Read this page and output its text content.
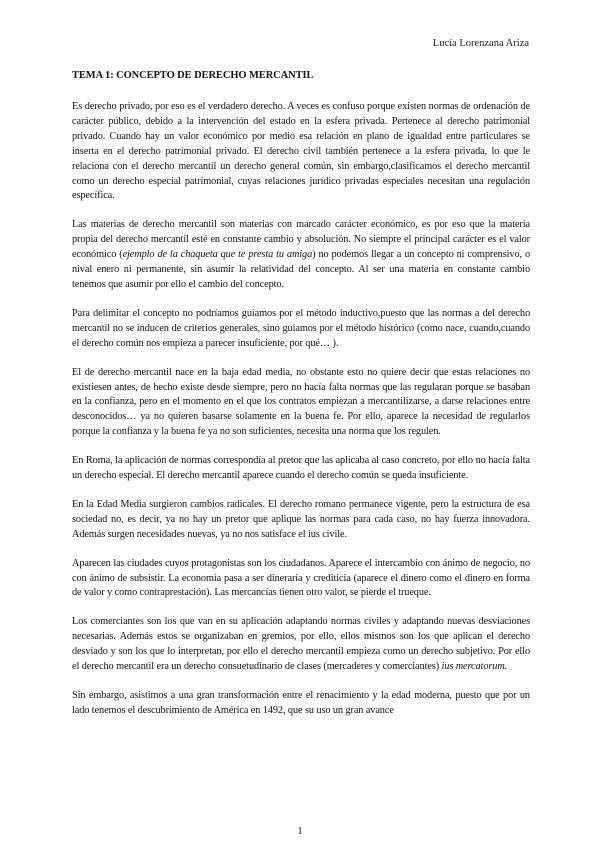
Lucía Lorenzana Ariza
TEMA 1: CONCEPTO DE DERECHO MERCANTIL

Es derecho privado, por eso es el verdadero derecho. A veces es confuso porque existen normas de ordenación de carácter público, debido a la intervención del estado en la esfera privada. Pertenece al derecho patrimonial privado. Cuando hay un valor económico por medio esa relación en plano de igualdad entre particulares se inserta en el derecho patrimonial privado. El derecho civil también pertenece a la esfera privada, lo que le relaciona con el derecho mercantil un derecho general común, sin embargo,clasificamos el derecho mercantil como un derecho especial patrimonial, cuyas relaciones jurídico privadas especiales necesitan una regulación específica.

Las materias de derecho mercantil son materias con marcado carácter económico, es por eso que la materia propia del derecho mercantil esté en constante cambio y absolución. No siempre el principal carácter es el valor económico (ejemplo de la chaqueta que te presta tu amiga) no podemos llegar a un concepto ni comprensivo, o nival enero ni permanente, sin asumir la relatividad del concepto. Al ser una materia en constante cambio tenemos que asumir por ello el cambio del concepto.

Para delimitar el concepto no podríamos guiamos por el método inductivo,puesto que las normas a del derecho mercantil no se inducen de criterios generales, sino guiamos por el método histórico (como nace, cuando,cuando el derecho común nos empieza a parecer insuficiente, por qué… ).

El de derecho mercantil nace en la baja edad media, no obstante esto no quiere decir que estas relaciones no existiesen antes, de hecho existe desde siempre, pero no hacía falta normas que las regularan porque se basaban en la confianza, pero en el momento en el que los contratos empiezan a mercantilizarse, a darse relaciones entre desconocidos… ya no quieren basarse solamente en la buena fe. Por ello, aparece la necesidad de regularlos porque la confianza y la buena fe ya no son suficientes, necesita una norma que los regulen.

En Roma, la aplicación de normas correspondía al pretor que las aplicaba al caso concreto, por ello no hacía falta un derecho especial. El derecho mercantil aparece cuando el derecho común se queda insuficiente.

En la Edad Media surgieron cambios radicales. El derecho romano permanece vigente, pero la estructura de esa sociedad no, es decir, ya no hay un pretor que aplique las normas para cada caso, no hay fuerza innovadora. Además surgen necesidades nuevas, ya no nos satisface el ius civile.

Aparecen las ciudades cuyos protagonistas son los ciudadanos. Aparece el intercambio con ánimo de negocio, no con ánimo de subsistir. La economía pasa a ser dineraria y crediticia (aparece el dinero como el dinero en forma de valor y como contraprestación). Las mercancías tienen otro valor, se pierde el trueque.

Los comerciantes son los que van en su aplicación adaptando normas civiles y adaptando nuevas desviaciones necesarias. Además estos se organizaban en gremios, por ello, ellos mismos son los que aplican el derecho desviado y son los que lo interpretan, por ello el derecho mercantil empieza como un derecho subjetivo. Por ello el derecho mercantil era un derecho consuetudinario de clases (mercaderes y comerciantes) ius mercatorum.

Sin embargo, asistimos a una gran transformación entre el renacimiento y la edad moderna, puesto que por un lado tenemos el descubrimiento de América en 1492, que su uso un gran avance

1
